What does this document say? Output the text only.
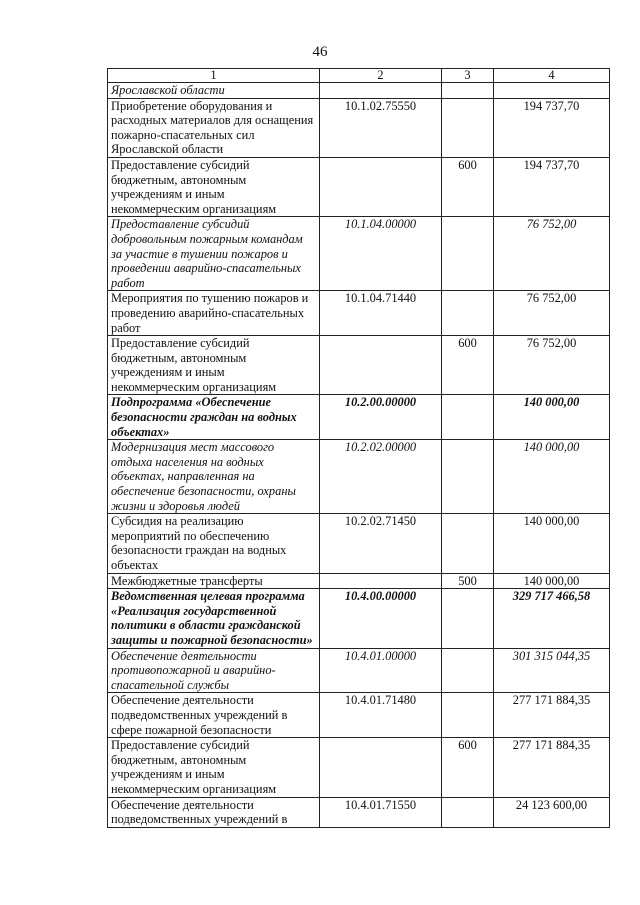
46
1	2	3	4
Ярославской области			
Приобретение оборудования и расходных материалов для оснащения пожарно-спасательных сил Ярославской области	10.1.02.75550		194 737,70
Предоставление субсидий бюджетным, автономным учреждениям и иным некоммерческим организациям		600	194 737,70
Предоставление субсидий добровольным пожарным командам за участие в тушении пожаров и проведении аварийно-спасательных работ	10.1.04.00000		76 752,00
Мероприятия по тушению пожаров и проведению аварийно-спасательных работ	10.1.04.71440		76 752,00
Предоставление субсидий бюджетным, автономным учреждениям и иным некоммерческим организациям		600	76 752,00
Подпрограмма «Обеспечение безопасности граждан на водных объектах»	10.2.00.00000		140 000,00
Модернизация мест массового отдыха населения на водных объектах, направленная на обеспечение безопасности, охраны жизни и здоровья людей	10.2.02.00000		140 000,00
Субсидия на реализацию мероприятий по обеспечению безопасности граждан на водных объектах	10.2.02.71450		140 000,00
Межбюджетные трансферты		500	140 000,00
Ведомственная целевая программа «Реализация государственной политики в области гражданской защиты и пожарной безопасности»	10.4.00.00000		329 717 466,58
Обеспечение деятельности противопожарной и аварийно-спасательной службы	10.4.01.00000		301 315 044,35
Обеспечение деятельности подведомственных учреждений в сфере пожарной безопасности	10.4.01.71480		277 171 884,35
Предоставление субсидий бюджетным, автономным учреждениям и иным некоммерческим организациям		600	277 171 884,35
Обеспечение деятельности подведомственных учреждений в	10.4.01.71550		24 123 600,00
